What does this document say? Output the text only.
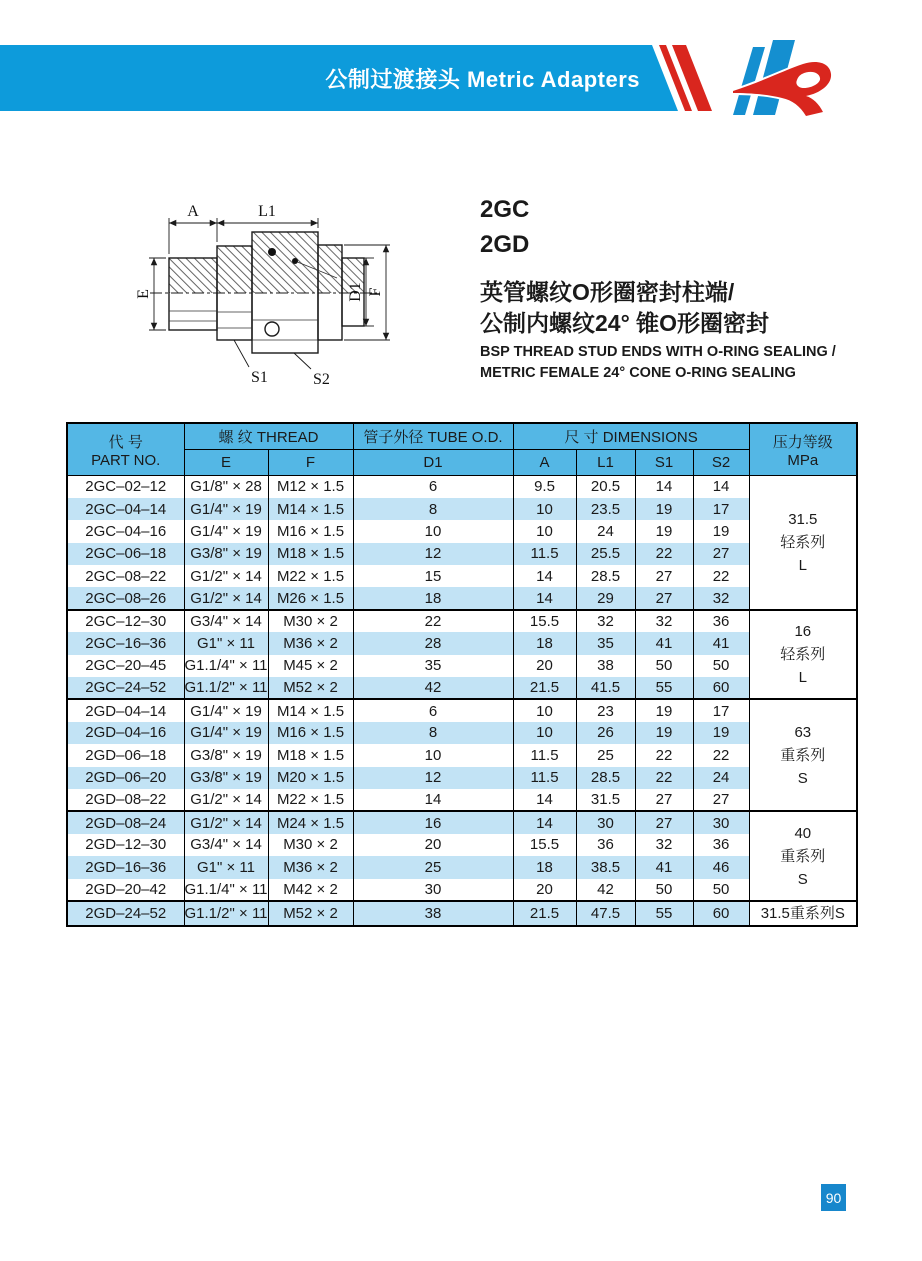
公制过渡接头 Metric Adapters
A	L1
E	D1 F
S1	S2
2GC
2GD
英管螺纹O形圈密封柱端/
公制内螺纹24° 锥O形圈密封
BSP THREAD STUD ENDS WITH O-RING SEALING /
METRIC FEMALE 24° CONE O-RING SEALING
代 号
PART NO.
	螺 纹 THREAD	管子外径 TUBE O.D.	尺 寸 DIMENSIONS	压力等级
MPa

	E	F	D1	A	L1	S1	S2	
2GC–02–12	G1/8" × 28	M12 × 1.5	6	9.5	20.5	14	14	31.5
轻系列
L

2GC–04–14	G1/4" × 19	M14 × 1.5	8	10	23.5	19	17	
2GC–04–16	G1/4" × 19	M16 × 1.5	10	10	24	19	19	
2GC–06–18	G3/8" × 19	M18 × 1.5	12	11.5	25.5	22	27	
2GC–08–22	G1/2" × 14	M22 × 1.5	15	14	28.5	27	22	
2GC–08–26	G1/2" × 14	M26 × 1.5	18	14	29	27	32	
2GC–12–30	G3/4" × 14	M30 × 2	22	15.5	32	32	36	16
轻系列
L

2GC–16–36	G1" × 11	M36 × 2	28	18	35	41	41	
2GC–20–45	G1.1/4" × 11	M45 × 2	35	20	38	50	50	
2GC–24–52	G1.1/2" × 11	M52 × 2	42	21.5	41.5	55	60	
2GD–04–14	G1/4" × 19	M14 × 1.5	6	10	23	19	17	63
重系列
S

2GD–04–16	G1/4" × 19	M16 × 1.5	8	10	26	19	19	
2GD–06–18	G3/8" × 19	M18 × 1.5	10	11.5	25	22	22	
2GD–06–20	G3/8" × 19	M20 × 1.5	12	11.5	28.5	22	24	
2GD–08–22	G1/2" × 14	M22 × 1.5	14	14	31.5	27	27	
2GD–08–24	G1/2" × 14	M24 × 1.5	16	14	30	27	30	40
重系列
S

2GD–12–30	G3/4" × 14	M30 × 2	20	15.5	36	32	36	
2GD–16–36	G1" × 11	M36 × 2	25	18	38.5	41	46	
2GD–20–42	G1.1/4" × 11	M42 × 2	30	20	42	50	50	
2GD–24–52	G1.1/2" × 11	M52 × 2	38	21.5	47.5	55	60	31.5重系列S
90
